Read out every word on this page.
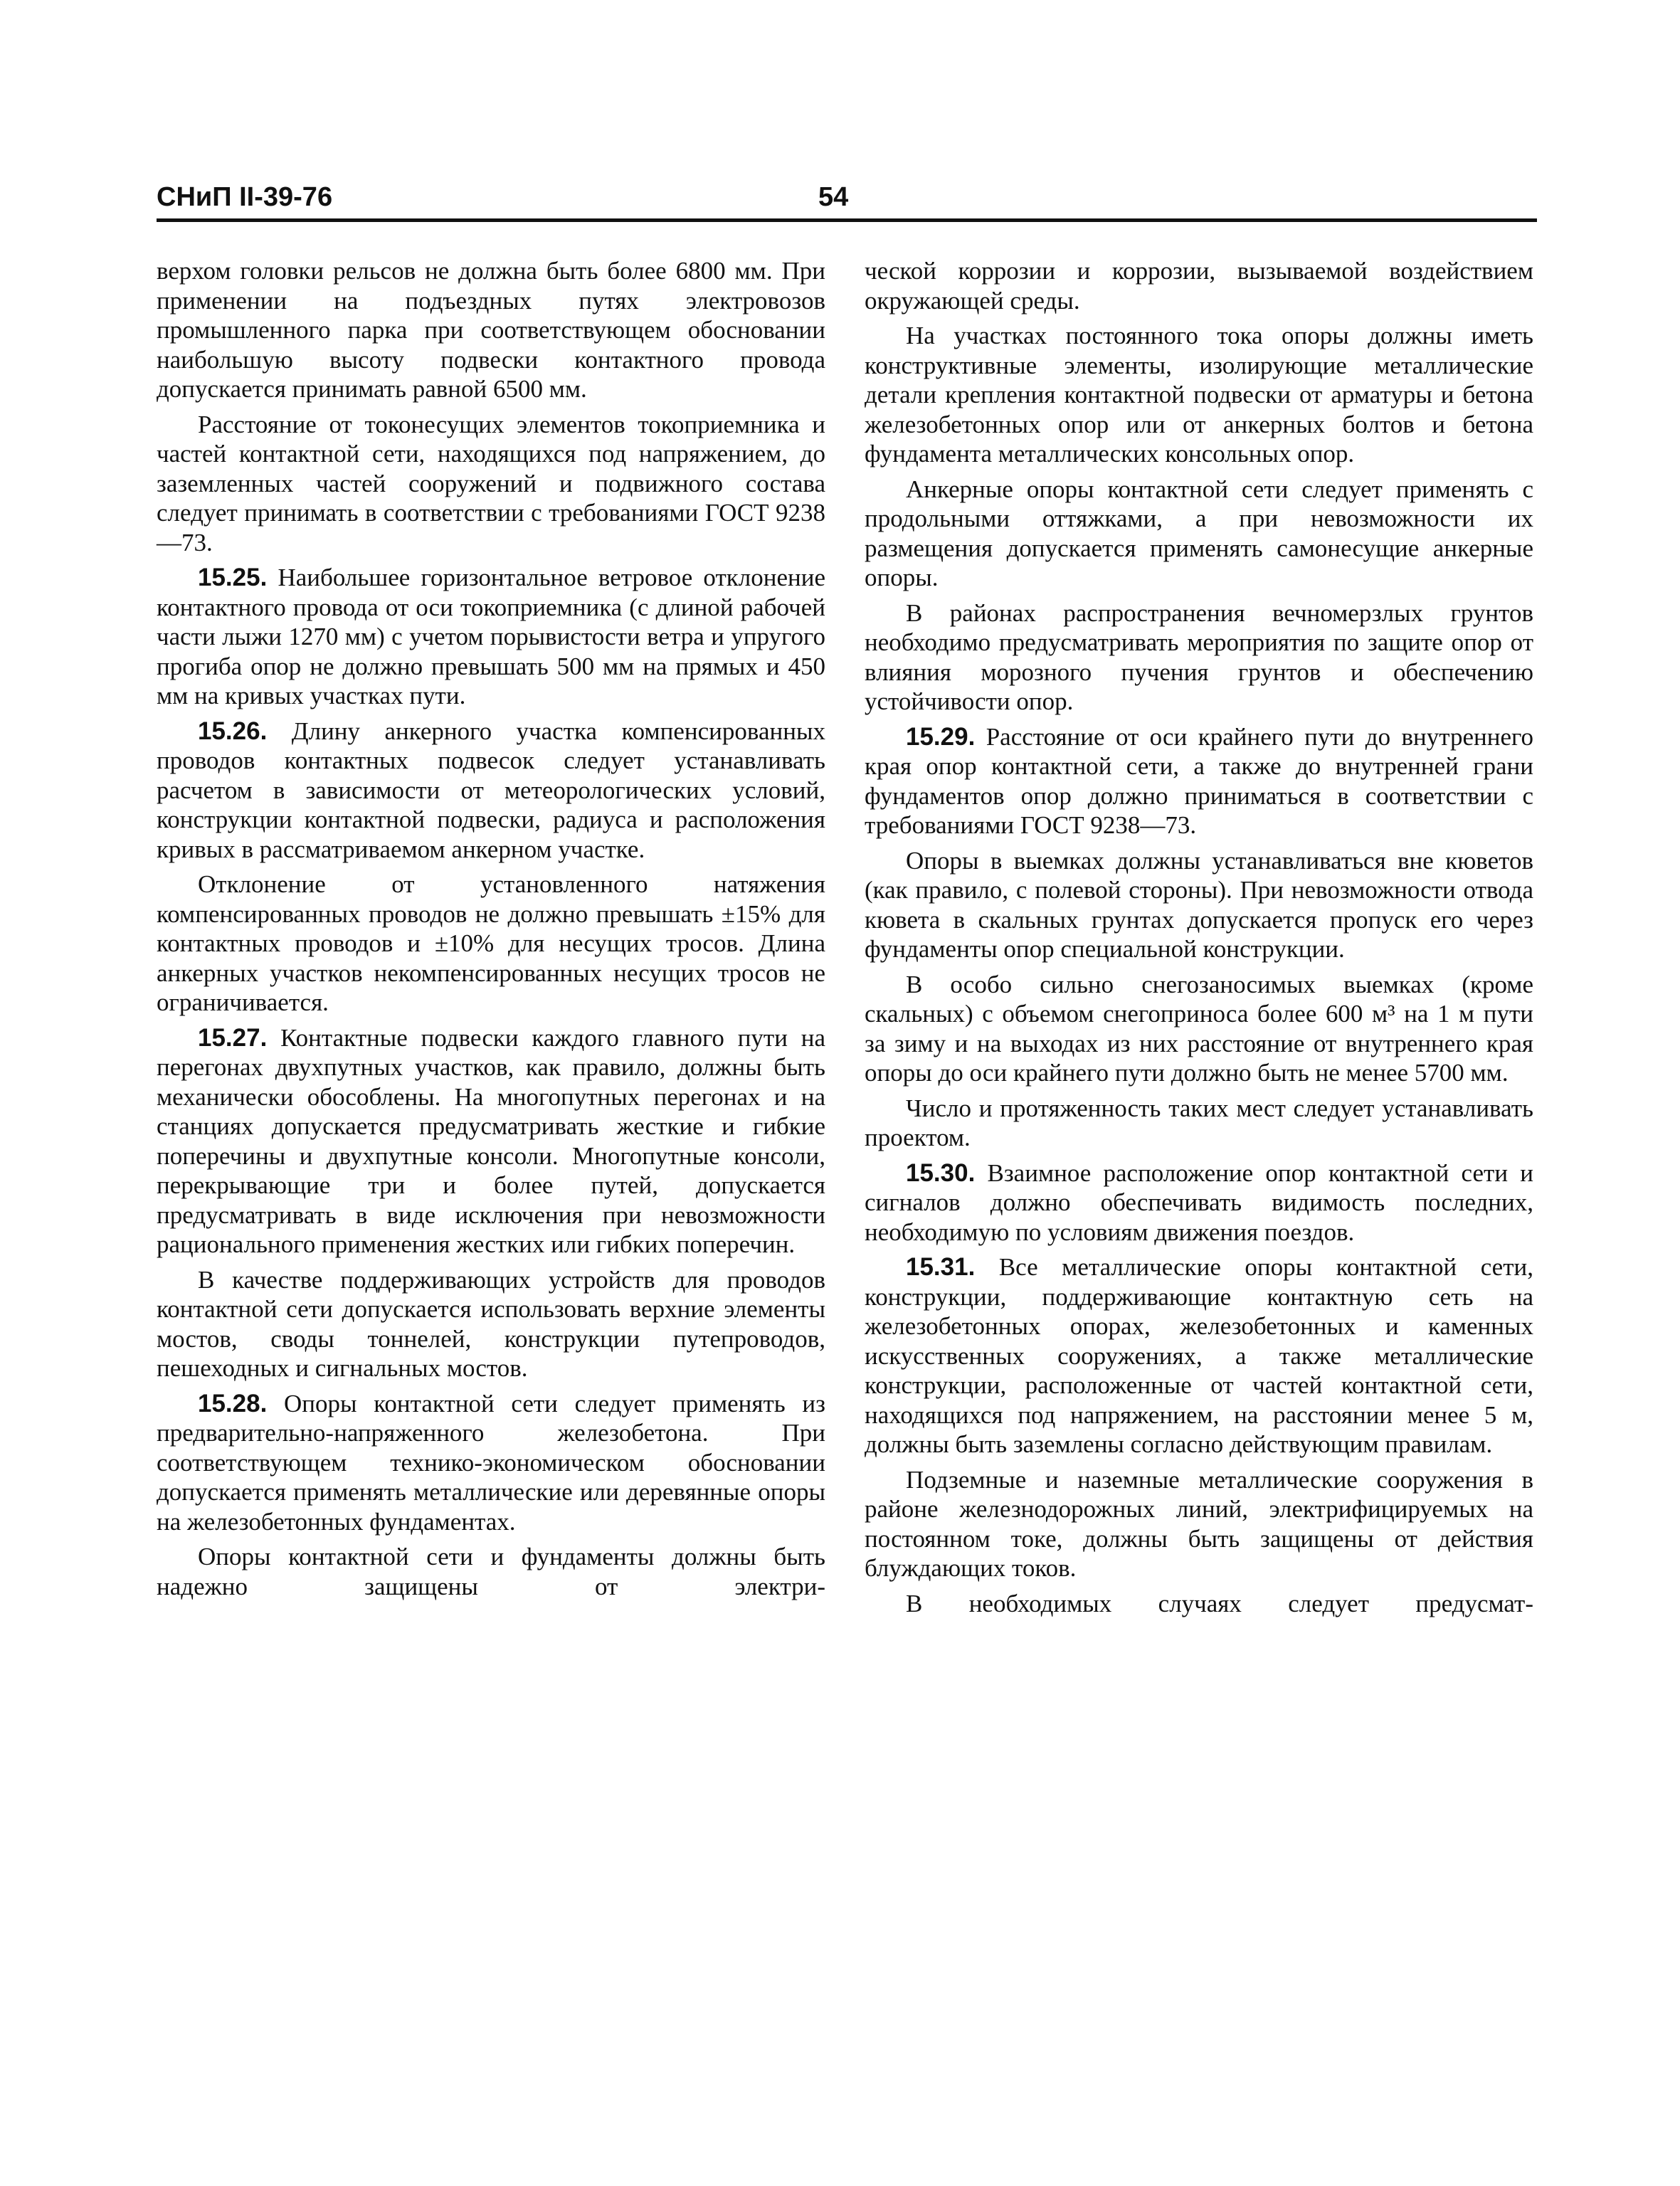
СНиП II-39-76	54

верхом головки рельсов не должна быть более 6800 мм. При применении на подъездных путях электровозов промышленного парка при соответствующем обосновании наибольшую высоту подвески контактного провода допускается принимать равной 6500 мм.

Расстояние от токонесущих элементов токоприемника и частей контактной сети, находящихся под напряжением, до заземленных частей сооружений и подвижного состава следует принимать в соответствии с требованиями ГОСТ 9238—73.

15.25. Наибольшее горизонтальное ветровое отклонение контактного провода от оси токоприемника (с длиной рабочей части лыжи 1270 мм) с учетом порывистости ветра и упругого прогиба опор не должно превышать 500 мм на прямых и 450 мм на кривых участках пути.

15.26. Длину анкерного участка компенсированных проводов контактных подвесок следует устанавливать расчетом в зависимости от метеорологических условий, конструкции контактной подвески, радиуса и расположения кривых в рассматриваемом анкерном участке.

Отклонение от установленного натяжения компенсированных проводов не должно превышать ±15% для контактных проводов и ±10% для несущих тросов. Длина анкерных участков некомпенсированных несущих тросов не ограничивается.

15.27. Контактные подвески каждого главного пути на перегонах двухпутных участков, как правило, должны быть механически обособлены. На многопутных перегонах и на станциях допускается предусматривать жесткие и гибкие поперечины и двухпутные консоли. Многопутные консоли, перекрывающие три и более путей, допускается предусматривать в виде исключения при невозможности рационального применения жестких или гибких поперечин.

В качестве поддерживающих устройств для проводов контактной сети допускается использовать верхние элементы мостов, своды тоннелей, конструкции путепроводов, пешеходных и сигнальных мостов.

15.28. Опоры контактной сети следует применять из предварительно-напряженного железобетона. При соответствующем технико-экономическом обосновании допускается применять металлические или деревянные опоры на железобетонных фундаментах.

Опоры контактной сети и фундаменты должны быть надежно защищены от электри-

ческой коррозии и коррозии, вызываемой воздействием окружающей среды.

На участках постоянного тока опоры должны иметь конструктивные элементы, изолирующие металлические детали крепления контактной подвески от арматуры и бетона железобетонных опор или от анкерных болтов и бетона фундамента металлических консольных опор.

Анкерные опоры контактной сети следует применять с продольными оттяжками, а при невозможности их размещения допускается применять самонесущие анкерные опоры.

В районах распространения вечномерзлых грунтов необходимо предусматривать мероприятия по защите опор от влияния морозного пучения грунтов и обеспечению устойчивости опор.

15.29. Расстояние от оси крайнего пути до внутреннего края опор контактной сети, а также до внутренней грани фундаментов опор должно приниматься в соответствии с требованиями ГОСТ 9238—73.

Опоры в выемках должны устанавливаться вне кюветов (как правило, с полевой стороны). При невозможности отвода кювета в скальных грунтах допускается пропуск его через фундаменты опор специальной конструкции.

В особо сильно снегозаносимых выемках (кроме скальных) с объемом снегоприноса более 600 м³ на 1 м пути за зиму и на выходах из них расстояние от внутреннего края опоры до оси крайнего пути должно быть не менее 5700 мм.

Число и протяженность таких мест следует устанавливать проектом.

15.30. Взаимное расположение опор контактной сети и сигналов должно обеспечивать видимость последних, необходимую по условиям движения поездов.

15.31. Все металлические опоры контактной сети, конструкции, поддерживающие контактную сеть на железобетонных опорах, железобетонных и каменных искусственных сооружениях, а также металлические конструкции, расположенные от частей контактной сети, находящихся под напряжением, на расстоянии менее 5 м, должны быть заземлены согласно действующим правилам.

Подземные и наземные металлические сооружения в районе железнодорожных линий, электрифицируемых на постоянном токе, должны быть защищены от действия блуждающих токов.

В необходимых случаях следует предусмат-
